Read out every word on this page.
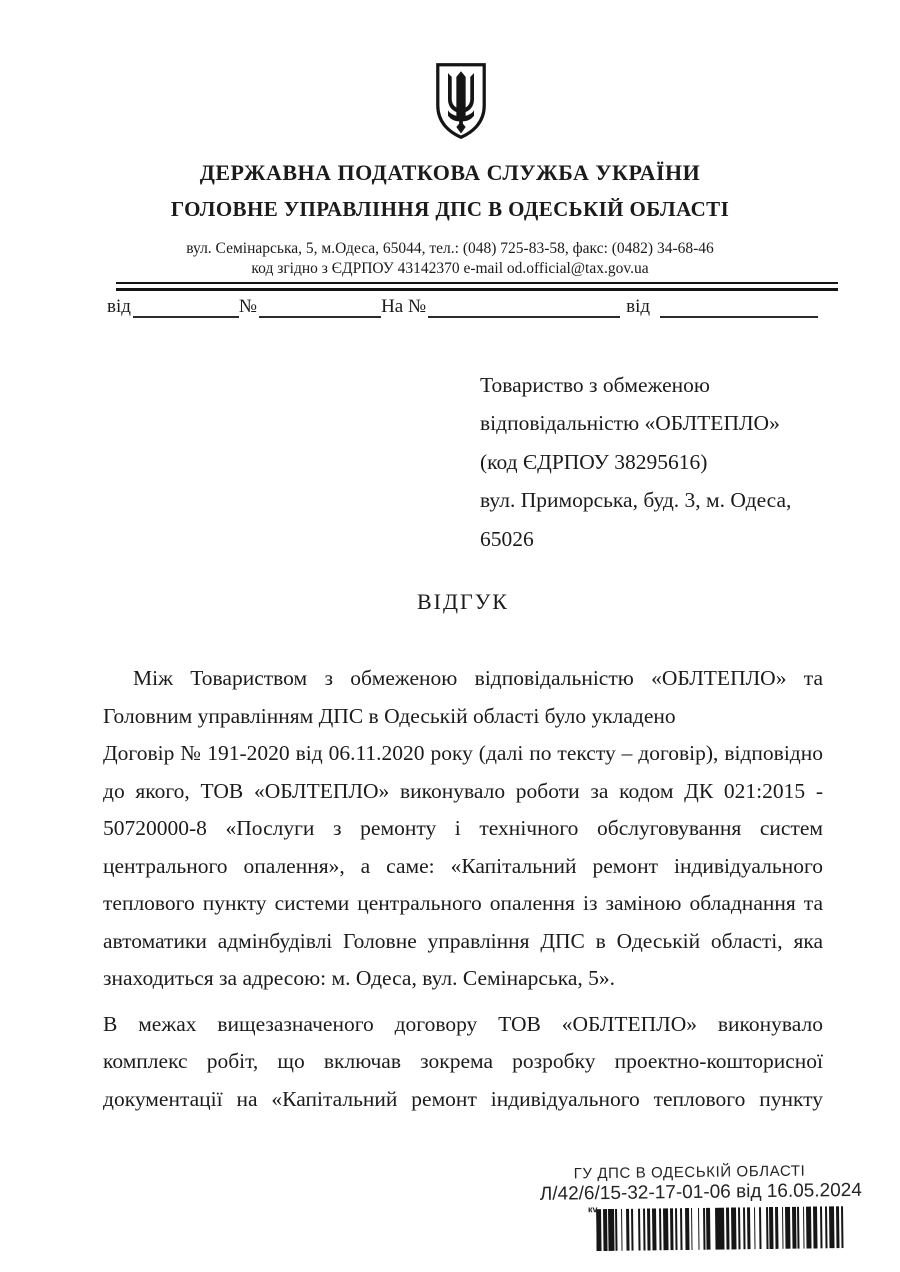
ДЕРЖАВНА ПОДАТКОВА СЛУЖБА УКРАЇНИ
ГОЛОВНЕ УПРАВЛІННЯ ДПС В ОДЕСЬКІЙ ОБЛАСТІ
вул. Семінарська, 5, м.Одеса, 65044, тел.: (048) 725-83-58, факс: (0482) 34-68-46
код згідно з ЄДРПОУ 43142370 e-mail od.official@tax.gov.ua
від	№	На №	від
Товариство з обмеженою
відповідальністю «ОБЛТЕПЛО»
(код ЄДРПОУ 38295616)
вул. Приморська, буд. 3, м. Одеса,
65026
ВІДГУК
Між Товариством з обмеженою відповідальністю «ОБЛТЕПЛО» та
Головним управлінням ДПС в Одеській області було укладено
Договір № 191-2020 від 06.11.2020 року (далі по тексту – договір), відповідно
до якого, ТОВ «ОБЛТЕПЛО» виконувало роботи за кодом ДК 021:2015 -
50720000-8 «Послуги з ремонту і технічного обслуговування систем
центрального опалення», а саме: «Капітальний ремонт індивідуального
теплового пункту системи центрального опалення із заміною обладнання та
автоматики адмінбудівлі Головне управління ДПС в Одеській області, яка
знаходиться за адресою: м. Одеса, вул. Семінарська, 5».
В межах вищезазначеного договору ТОВ «ОБЛТЕПЛО» виконувало
комплекс робіт, що включав зокрема розробку проектно-кошторисної
документації на «Капітальний ремонт індивідуального теплового пункту
ГУ ДПС В ОДЕСЬКІЙ ОБЛАСТІ
Л/42/6/15-32-17-01-06 від 16.05.2024
кv
